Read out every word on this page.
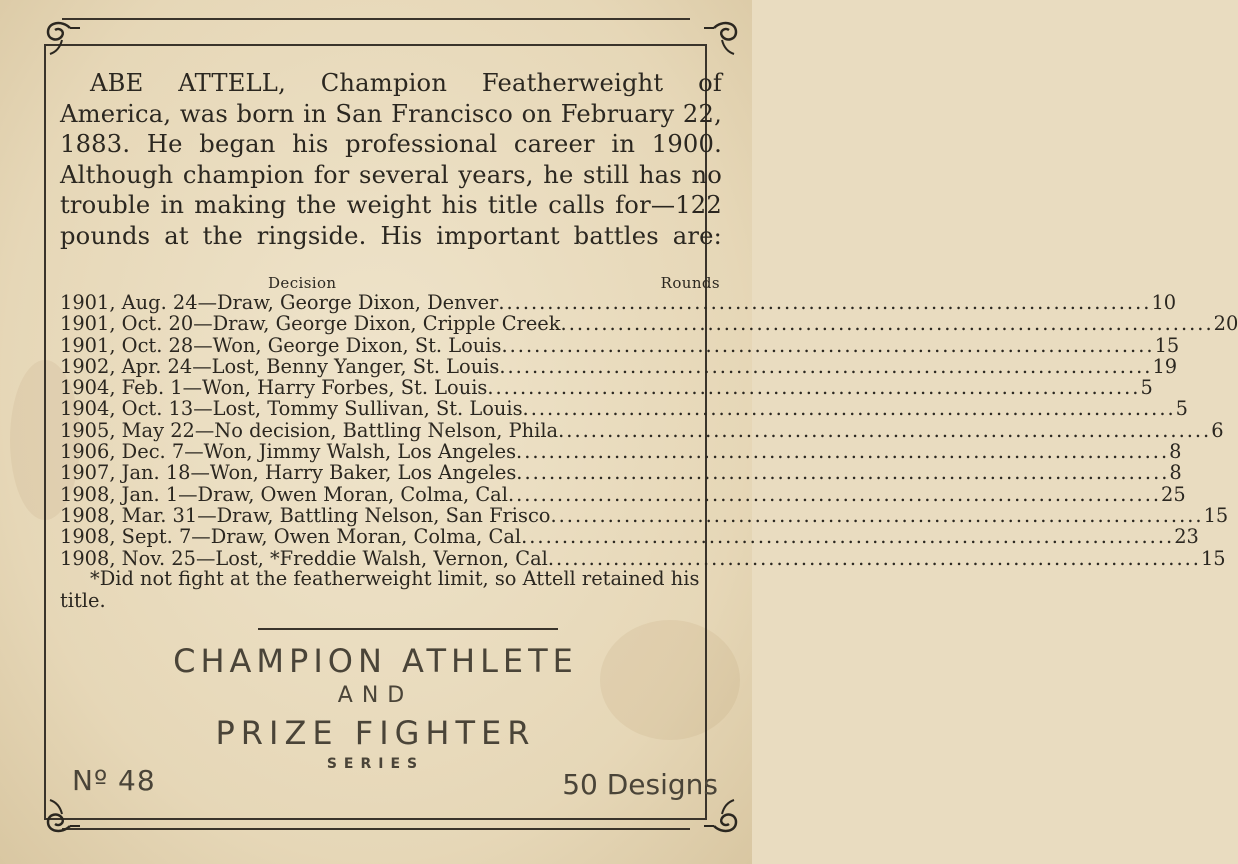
ABE ATTELL, Champion Featherweight of America, was born in San Francisco on February 22, 1883. He began his professional career in 1900. Although champion for several years, he still has no trouble in making the weight his title calls for—122 pounds at the ringside. His important battles are:

Decision	Rounds
1901, Aug. 24—Draw, George Dixon, Denver ................................................................................ 10
1901, Oct. 20—Draw, George Dixon, Cripple Creek ................................................................................ 20
1901, Oct. 28—Won, George Dixon, St. Louis ................................................................................ 15
1902, Apr. 24—Lost, Benny Yanger, St. Louis ................................................................................ 19
1904, Feb. 1—Won, Harry Forbes, St. Louis ................................................................................ 5
1904, Oct. 13—Lost, Tommy Sullivan, St. Louis ................................................................................ 5
1905, May 22—No decision, Battling Nelson, Phila ................................................................................ 6
1906, Dec. 7—Won, Jimmy Walsh, Los Angeles ................................................................................ 8
1907, Jan. 18—Won, Harry Baker, Los Angeles ................................................................................ 8
1908, Jan. 1—Draw, Owen Moran, Colma, Cal ................................................................................ 25
1908, Mar. 31—Draw, Battling Nelson, San Frisco ................................................................................ 15
1908, Sept. 7—Draw, Owen Moran, Colma, Cal ................................................................................ 23
1908, Nov. 25—Lost, *Freddie Walsh, Vernon, Cal ................................................................................ 15

*Did not fight at the featherweight limit, so Attell retained his title.

CHAMPION ATHLETE
AND
PRIZE FIGHTER
SERIES
Nº 48	50 Designs
